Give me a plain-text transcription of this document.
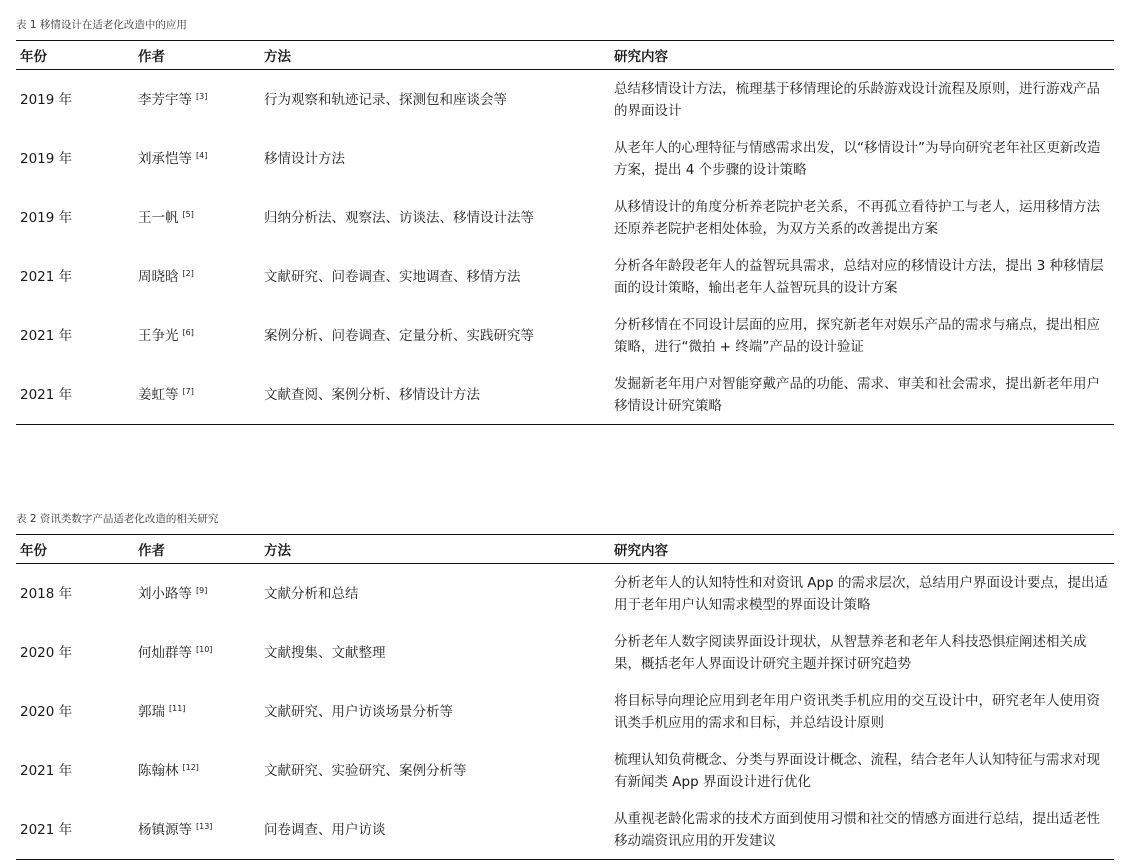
表 1 移情设计在适老化改造中的应用
年份	作者	方法	研究内容
2019 年	李芳宇等 [3]	行为观察和轨迹记录、探测包和座谈会等	总结移情设计方法，梳理基于移情理论的乐龄游戏设计流程及原则，进行游戏产品的界面设计
2019 年	刘承恺等 [4]	移情设计方法	从老年人的心理特征与情感需求出发，以“移情设计”为导向研究老年社区更新改造方案，提出 4 个步骤的设计策略
2019 年	王一帆 [5]	归纳分析法、观察法、访谈法、移情设计法等	从移情设计的角度分析养老院护老关系，不再孤立看待护工与老人，运用移情方法还原养老院护老相处体验，为双方关系的改善提出方案
2021 年	周晓晗 [2]	文献研究、问卷调查、实地调查、移情方法	分析各年龄段老年人的益智玩具需求，总结对应的移情设计方法，提出 3 种移情层面的设计策略，输出老年人益智玩具的设计方案
2021 年	王争光 [6]	案例分析、问卷调查、定量分析、实践研究等	分析移情在不同设计层面的应用，探究新老年对娱乐产品的需求与痛点，提出相应策略，进行“微拍 + 终端”产品的设计验证
2021 年	姜虹等 [7]	文献查阅、案例分析、移情设计方法	发掘新老年用户对智能穿戴产品的功能、需求、审美和社会需求，提出新老年用户移情设计研究策略
表 2 资讯类数字产品适老化改造的相关研究
年份	作者	方法	研究内容
2018 年	刘小路等 [9]	文献分析和总结	分析老年人的认知特性和对资讯 App 的需求层次，总结用户界面设计要点，提出适用于老年用户认知需求模型的界面设计策略
2020 年	何灿群等 [10]	文献搜集、文献整理	分析老年人数字阅读界面设计现状，从智慧养老和老年人科技恐惧症阐述相关成果，概括老年人界面设计研究主题并探讨研究趋势
2020 年	郭瑞 [11]	文献研究、用户访谈场景分析等	将目标导向理论应用到老年用户资讯类手机应用的交互设计中，研究老年人使用资讯类手机应用的需求和目标，并总结设计原则
2021 年	陈翰林 [12]	文献研究、实验研究、案例分析等	梳理认知负荷概念、分类与界面设计概念、流程，结合老年人认知特征与需求对现有新闻类 App 界面设计进行优化
2021 年	杨镇源等 [13]	问卷调查、用户访谈	从重视老龄化需求的技术方面到使用习惯和社交的情感方面进行总结，提出适老性移动端资讯应用的开发建议
